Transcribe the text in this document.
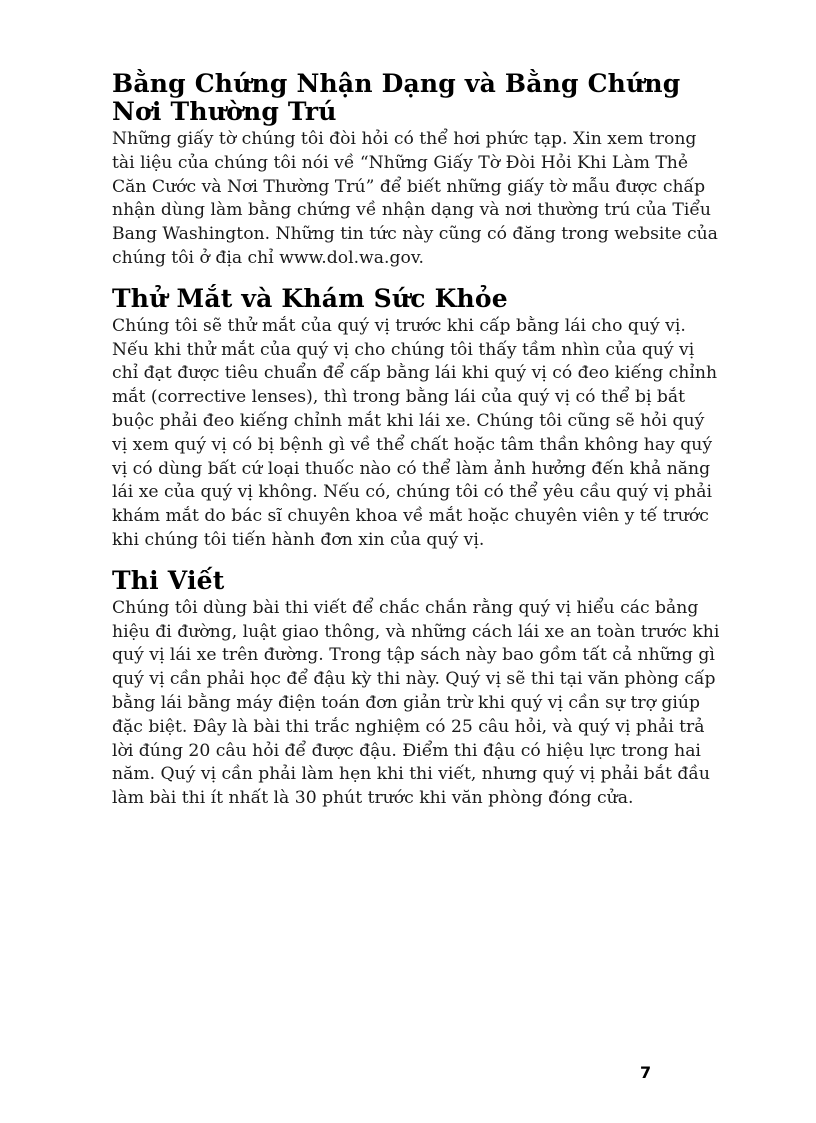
Bằng Chứng Nhận Dạng và Bằng Chứng
Nơi Thường Trú

Những giấy tờ chúng tôi đòi hỏi có thể hơi phức tạp. Xin xem trong tài liệu của chúng tôi nói về “Những Giấy Tờ Đòi Hỏi Khi Làm Thẻ Căn Cước và Nơi Thường Trú” để biết những giấy tờ mẫu được chấp nhận dùng làm bằng chứng về nhận dạng và nơi thường trú của Tiểu Bang Washington. Những tin tức này cũng có đăng trong website của chúng tôi ở địa chỉ www.dol.wa.gov.

Thử Mắt và Khám Sức Khỏe

Chúng tôi sẽ thử mắt của quý vị trước khi cấp bằng lái cho quý vị. Nếu khi thử mắt của quý vị cho chúng tôi thấy tầm nhìn của quý vị chỉ đạt được tiêu chuẩn để cấp bằng lái khi quý vị có đeo kiếng chỉnh mắt (corrective lenses), thì trong bằng lái của quý vị có thể bị bắt buộc phải đeo kiếng chỉnh mắt khi lái xe. Chúng tôi cũng sẽ hỏi quý vị xem quý vị có bị bệnh gì về thể chất hoặc tâm thần không hay quý vị có dùng bất cứ loại thuốc nào có thể làm ảnh hưởng đến khả năng lái xe của quý vị không. Nếu có, chúng tôi có thể yêu cầu quý vị phải khám mắt do bác sĩ chuyên khoa về mắt hoặc chuyên viên y tế trước khi chúng tôi tiến hành đơn xin của quý vị.

Thi Viết

Chúng tôi dùng bài thi viết để chắc chắn rằng quý vị hiểu các bảng hiệu đi đường, luật giao thông, và những cách lái xe an toàn trước khi quý vị lái xe trên đường. Trong tập sách này bao gồm tất cả những gì quý vị cần phải học để đậu kỳ thi này. Quý vị sẽ thi tại văn phòng cấp bằng lái bằng máy điện toán đơn giản trừ khi quý vị cần sự trợ giúp đặc biệt. Đây là bài thi trắc nghiệm có 25 câu hỏi, và quý vị phải trả lời đúng 20 câu hỏi để được đậu. Điểm thi đậu có hiệu lực trong hai năm. Quý vị cần phải làm hẹn khi thi viết, nhưng quý vị phải bắt đầu làm bài thi ít nhất là 30 phút trước khi văn phòng đóng cửa.

7
